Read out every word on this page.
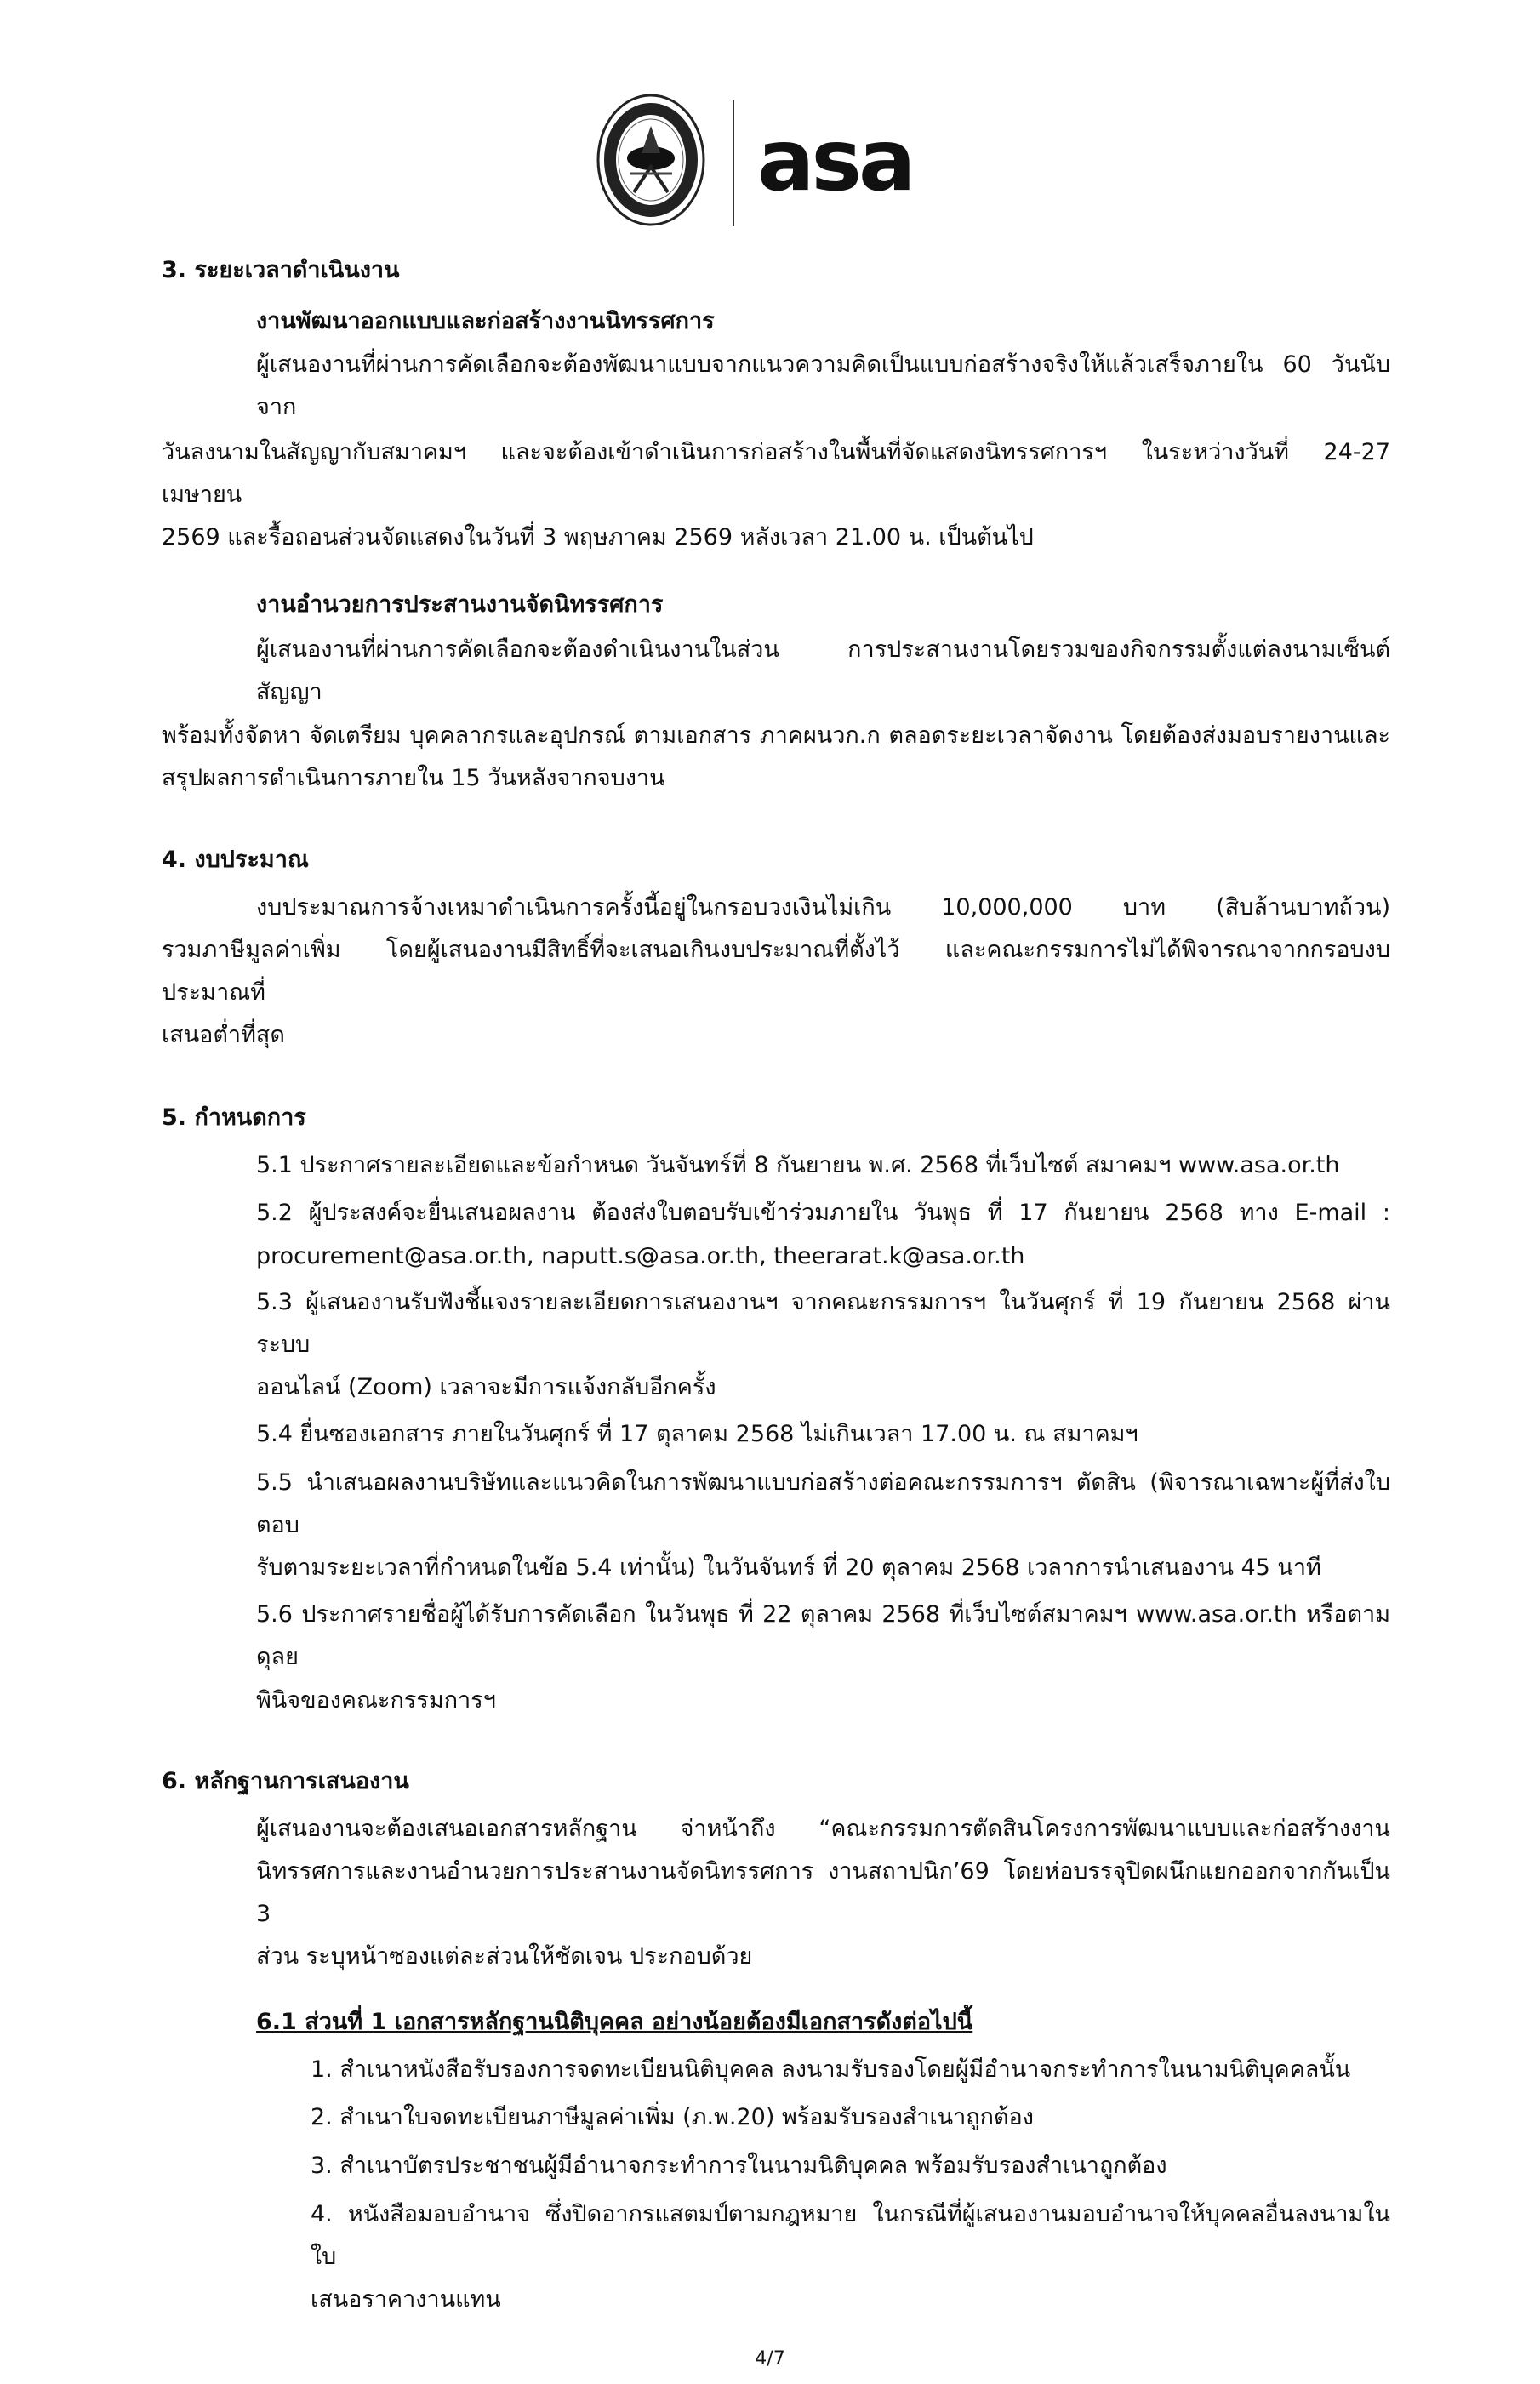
asa
3. ระยะเวลาดำเนินงาน
งานพัฒนาออกแบบและก่อสร้างงานนิทรรศการ
ผู้เสนองานที่ผ่านการคัดเลือกจะต้องพัฒนาแบบจากแนวความคิดเป็นแบบก่อสร้างจริงให้แล้วเสร็จภายใน 60 วันนับจาก
วันลงนามในสัญญากับสมาคมฯ และจะต้องเข้าดำเนินการก่อสร้างในพื้นที่จัดแสดงนิทรรศการฯ ในระหว่างวันที่ 24-27 เมษายน
2569 และรื้อถอนส่วนจัดแสดงในวันที่ 3 พฤษภาคม 2569 หลังเวลา 21.00 น. เป็นต้นไป
งานอำนวยการประสานงานจัดนิทรรศการ
ผู้เสนองานที่ผ่านการคัดเลือกจะต้องดำเนินงานในส่วน การประสานงานโดยรวมของกิจกรรมตั้งแต่ลงนามเซ็นต์สัญญา
พร้อมทั้งจัดหา จัดเตรียม บุคคลากรและอุปกรณ์ ตามเอกสาร ภาคผนวก.ก ตลอดระยะเวลาจัดงาน โดยต้องส่งมอบรายงานและ
สรุปผลการดำเนินการภายใน 15 วันหลังจากจบงาน
4. งบประมาณ
งบประมาณการจ้างเหมาดำเนินการครั้งนี้อยู่ในกรอบวงเงินไม่เกิน 10,000,000 บาท (สิบล้านบาทถ้วน)
รวมภาษีมูลค่าเพิ่ม โดยผู้เสนองานมีสิทธิ์ที่จะเสนอเกินงบประมาณที่ตั้งไว้ และคณะกรรมการไม่ได้พิจารณาจากกรอบงบประมาณที่
เสนอต่ำที่สุด
5. กำหนดการ
5.1 ประกาศรายละเอียดและข้อกำหนด วันจันทร์ที่ 8 กันยายน พ.ศ. 2568 ที่เว็บไซต์ สมาคมฯ www.asa.or.th
5.2 ผู้ประสงค์จะยื่นเสนอผลงาน ต้องส่งใบตอบรับเข้าร่วมภายใน วันพุธ ที่ 17 กันยายน 2568 ทาง E-mail :
procurement@asa.or.th, naputt.s@asa.or.th, theerarat.k@asa.or.th
5.3 ผู้เสนองานรับฟังชี้แจงรายละเอียดการเสนองานฯ จากคณะกรรมการฯ ในวันศุกร์ ที่ 19 กันยายน 2568 ผ่านระบบ
ออนไลน์ (Zoom) เวลาจะมีการแจ้งกลับอีกครั้ง
5.4 ยื่นซองเอกสาร ภายในวันศุกร์ ที่ 17 ตุลาคม 2568 ไม่เกินเวลา 17.00 น. ณ สมาคมฯ
5.5 นำเสนอผลงานบริษัทและแนวคิดในการพัฒนาแบบก่อสร้างต่อคณะกรรมการฯ ตัดสิน (พิจารณาเฉพาะผู้ที่ส่งใบตอบ
รับตามระยะเวลาที่กำหนดในข้อ 5.4 เท่านั้น) ในวันจันทร์ ที่ 20 ตุลาคม 2568 เวลาการนำเสนองาน 45 นาที
5.6 ประกาศรายชื่อผู้ได้รับการคัดเลือก ในวันพุธ ที่ 22 ตุลาคม 2568 ที่เว็บไซต์สมาคมฯ www.asa.or.th หรือตามดุลย
พินิจของคณะกรรมการฯ
6. หลักฐานการเสนองาน
ผู้เสนองานจะต้องเสนอเอกสารหลักฐาน จ่าหน้าถึง “คณะกรรมการตัดสินโครงการพัฒนาแบบและก่อสร้างงาน
นิทรรศการและงานอำนวยการประสานงานจัดนิทรรศการ งานสถาปนิก’69 โดยห่อบรรจุปิดผนึกแยกออกจากกันเป็น 3
ส่วน ระบุหน้าซองแต่ละส่วนให้ชัดเจน ประกอบด้วย
6.1 ส่วนที่ 1 เอกสารหลักฐานนิติบุคคล อย่างน้อยต้องมีเอกสารดังต่อไปนี้
1. สำเนาหนังสือรับรองการจดทะเบียนนิติบุคคล ลงนามรับรองโดยผู้มีอำนาจกระทำการในนามนิติบุคคลนั้น
2. สำเนาใบจดทะเบียนภาษีมูลค่าเพิ่ม (ภ.พ.20) พร้อมรับรองสำเนาถูกต้อง
3. สำเนาบัตรประชาชนผู้มีอำนาจกระทำการในนามนิติบุคคล พร้อมรับรองสำเนาถูกต้อง
4. หนังสือมอบอำนาจ ซึ่งปิดอากรแสตมป์ตามกฎหมาย ในกรณีที่ผู้เสนองานมอบอำนาจให้บุคคลอื่นลงนามในใบ
เสนอราคางานแทน
4/7
